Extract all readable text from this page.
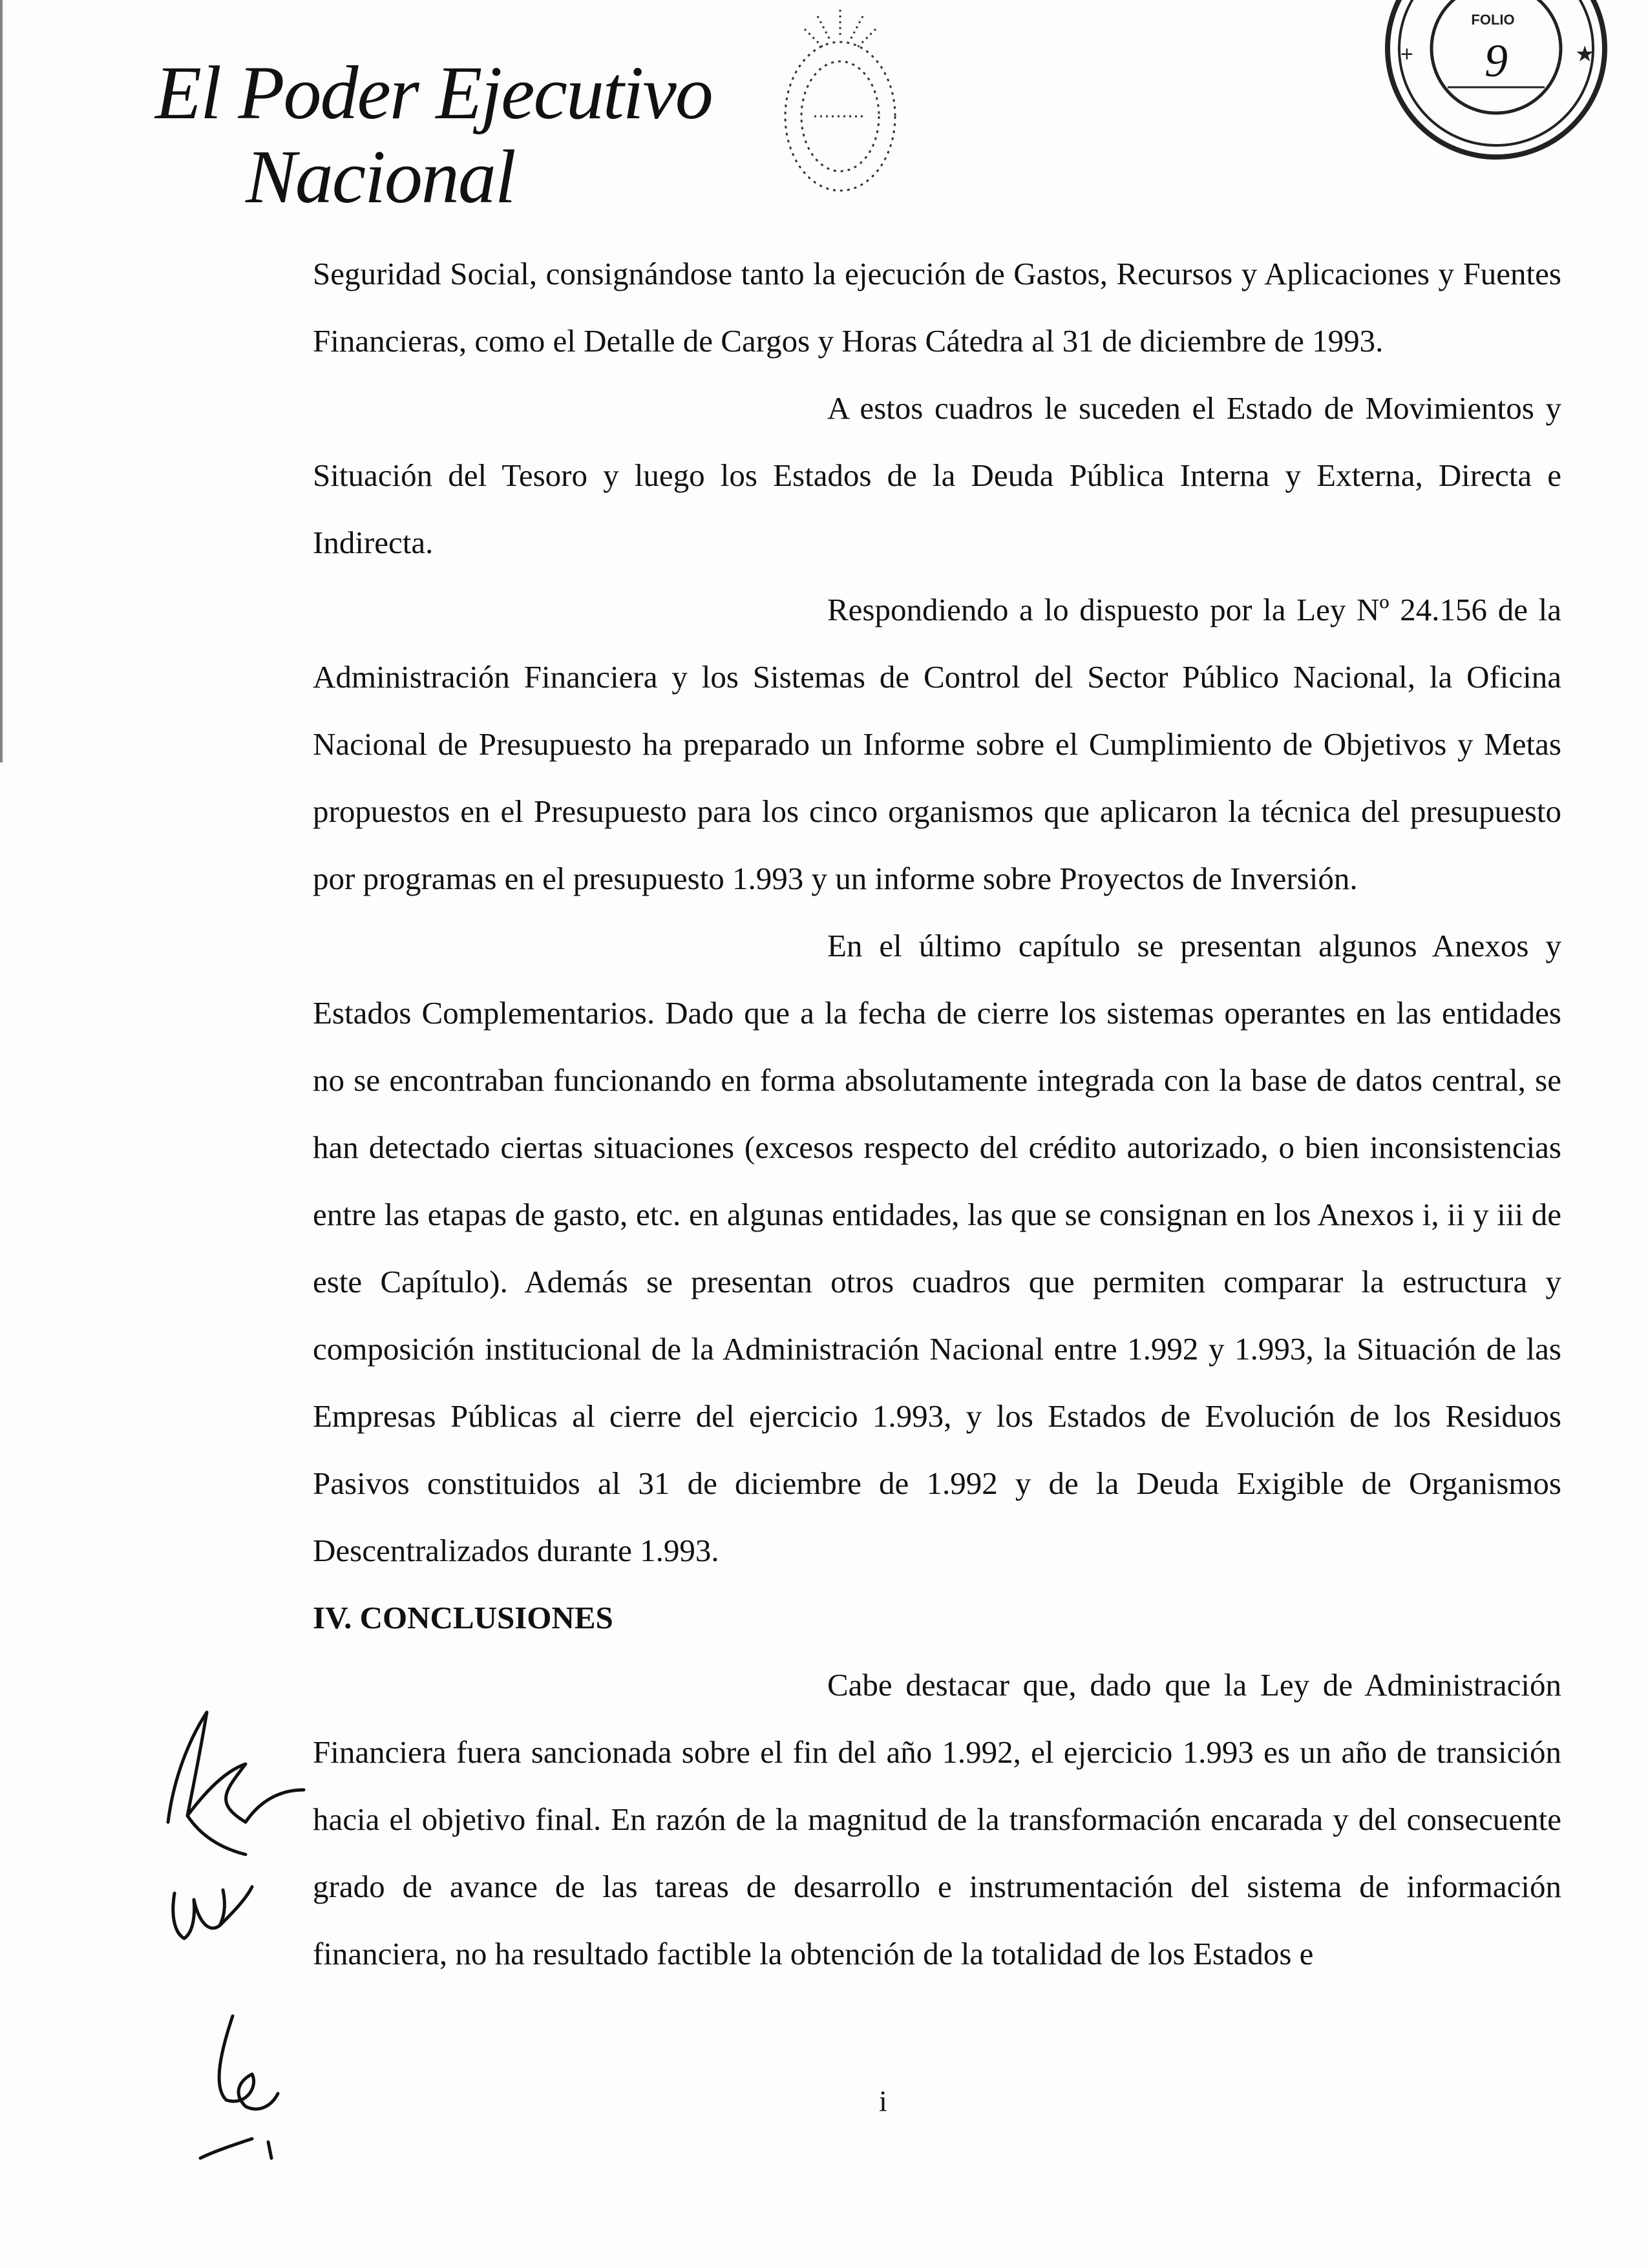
El Poder Ejecutivo
Nacional
FOLIO
9
+	★

Seguridad Social, consignándose tanto la ejecución de Gastos, Recursos y Aplicaciones y Fuentes Financieras, como el Detalle de Cargos y Horas Cátedra al 31 de diciembre de 1993.

A estos cuadros le suceden el Estado de Movimientos y Situación del Tesoro y luego los Estados de la Deuda Pública Interna y Externa, Directa e Indirecta.

Respondiendo a lo dispuesto por la Ley Nº 24.156 de la Administración Financiera y los Sistemas de Control del Sector Público Nacional, la Oficina Nacional de Presupuesto ha preparado un Informe sobre el Cumplimiento de Objetivos y Metas propuestos en el Presupuesto para los cinco organismos que aplicaron la técnica del presupuesto por programas en el presupuesto 1.993 y un informe sobre Proyectos de Inversión.

En el último capítulo se presentan algunos Anexos y Estados Complementarios. Dado que a la fecha de cierre los sistemas operantes en las entidades no se encontraban funcionando en forma absolutamente integrada con la base de datos central, se han detectado ciertas situaciones (excesos respecto del crédito autorizado, o bien inconsistencias entre las etapas de gasto, etc. en algunas entidades, las que se consignan en los Anexos i, ii y iii de este Capítulo). Además se presentan otros cuadros que permiten comparar la estructura y composición institucional de la Administración Nacional entre 1.992 y 1.993, la Situación de las Empresas Públicas al cierre del ejercicio 1.993, y los Estados de Evolución de los Residuos Pasivos constituidos al 31 de diciembre de 1.992 y de la Deuda Exigible de Organismos Descentralizados durante 1.993.

IV. CONCLUSIONES

Cabe destacar que, dado que la Ley de Administración Financiera fuera sancionada sobre el fin del año 1.992, el ejercicio 1.993 es un año de transición hacia el objetivo final. En razón de la magnitud de la transformación encarada y del consecuente grado de avance de las tareas de desarrollo e instrumentación del sistema de información financiera, no ha resultado factible la obtención de la totalidad de los Estados e

i
